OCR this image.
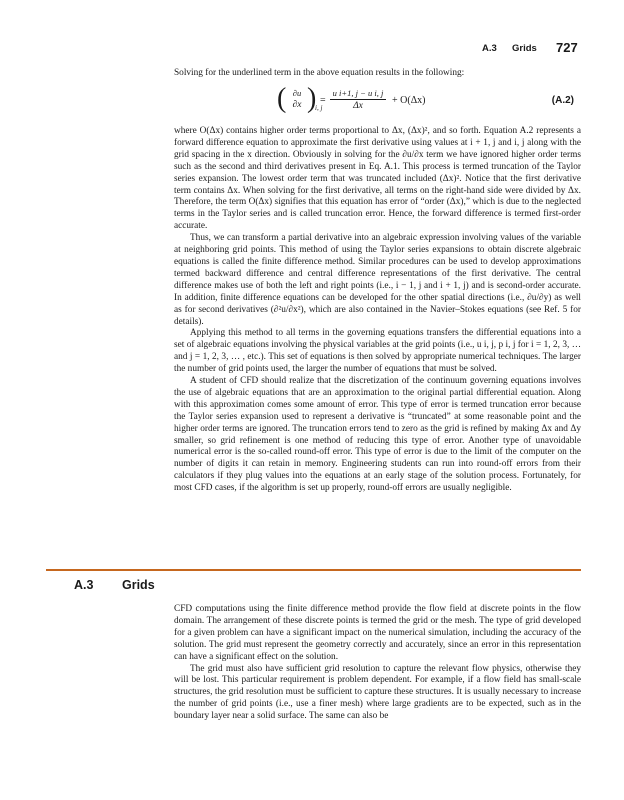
A.3 Grids 727

Solving for the underlined term in the above equation results in the following:

( ∂u
∂x )
i, j
= $\frac{\text{u i+1, j − u i, j}}{\Delta x} + O(\Delta x)$	(A.2)

where O(Δx) contains higher order terms proportional to Δx, (Δx)², and so forth. Equation A.2 represents a forward difference equation to approximate the first derivative using values at i + 1, j and i, j along with the grid spacing in the x direction. Obviously in solving for the ∂u/∂x term we have ignored higher order terms such as the second and third derivatives present in Eq. A.1. This process is termed truncation of the Taylor series expansion. The lowest order term that was truncated included (Δx)². Notice that the first derivative term contains Δx. When solving for the first derivative, all terms on the right-hand side were divided by Δx. Therefore, the term O(Δx) signifies that this equation has error of “order (Δx),” which is due to the neglected terms in the Taylor series and is called truncation error. Hence, the forward difference is termed first-order accurate.

Thus, we can transform a partial derivative into an algebraic expression involving values of the variable at neighboring grid points. This method of using the Taylor series expansions to obtain discrete algebraic equations is called the finite difference method. Similar procedures can be used to develop approximations termed backward difference and central difference representations of the first derivative. The central difference makes use of both the left and right points (i.e., i − 1, j and i + 1, j) and is second-order accurate. In addition, finite difference equations can be developed for the other spatial directions (i.e., ∂u/∂y) as well as for second derivatives (∂²u/∂x²), which are also contained in the Navier–Stokes equations (see Ref. 5 for details).

Applying this method to all terms in the governing equations transfers the differential equations into a set of algebraic equations involving the physical variables at the grid points (i.e., u i, j, p i, j for i = 1, 2, 3, … and j = 1, 2, 3, … , etc.). This set of equations is then solved by appropriate numerical techniques. The larger the number of grid points used, the larger the number of equations that must be solved.

A student of CFD should realize that the discretization of the continuum governing equations involves the use of algebraic equations that are an approximation to the original partial differential equation. Along with this approximation comes some amount of error. This type of error is termed truncation error because the Taylor series expansion used to represent a derivative is “truncated” at some reasonable point and the higher order terms are ignored. The truncation errors tend to zero as the grid is refined by making Δx and Δy smaller, so grid refinement is one method of reducing this type of error. Another type of unavoidable numerical error is the so-called round-off error. This type of error is due to the limit of the computer on the number of digits it can retain in memory. Engineering students can run into round-off errors from their calculators if they plug values into the equations at an early stage of the solution process. Fortunately, for most CFD cases, if the algorithm is set up properly, round-off errors are usually negligible.

A.3 Grids

CFD computations using the finite difference method provide the flow field at discrete points in the flow domain. The arrangement of these discrete points is termed the grid or the mesh. The type of grid developed for a given problem can have a significant impact on the numerical simulation, including the accuracy of the solution. The grid must represent the geometry correctly and accurately, since an error in this representation can have a significant effect on the solution.

The grid must also have sufficient grid resolution to capture the relevant flow physics, otherwise they will be lost. This particular requirement is problem dependent. For example, if a flow field has small-scale structures, the grid resolution must be sufficient to capture these structures. It is usually necessary to increase the number of grid points (i.e., use a finer mesh) where large gradients are to be expected, such as in the boundary layer near a solid surface. The same can also be
